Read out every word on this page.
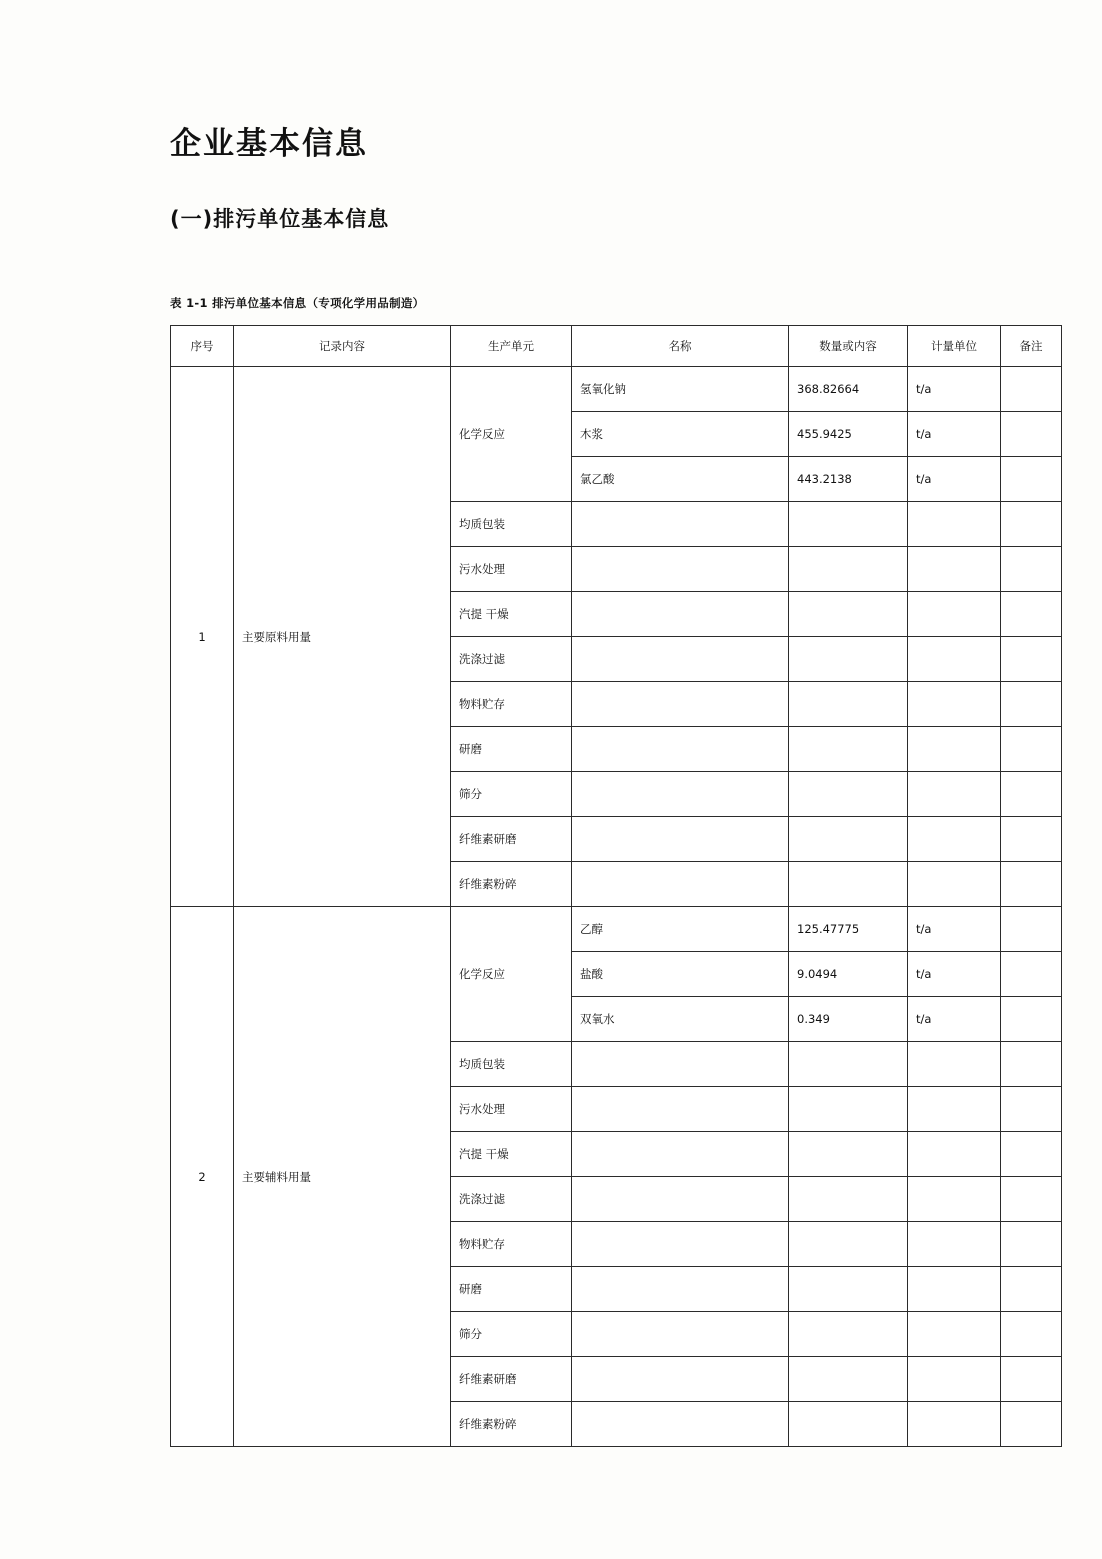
企业基本信息
(一)排污单位基本信息
表 1-1 排污单位基本信息（专项化学用品制造）
序号	记录内容	生产单元	名称	数量或内容	计量单位	备注
1	主要原料用量	化学反应	氢氧化钠	368.82664	t/a	
			木浆	455.9425	t/a	
			氯乙酸	443.2138	t/a	
		均质包装				
		污水处理				
		汽提 干燥				
		洗涤过滤				
		物料贮存				
		研磨				
		筛分				
		纤维素研磨				
		纤维素粉碎				
2	主要辅料用量	化学反应	乙醇	125.47775	t/a	
			盐酸	9.0494	t/a	
			双氧水	0.349	t/a	
		均质包装				
		污水处理				
		汽提 干燥				
		洗涤过滤				
		物料贮存				
		研磨				
		筛分				
		纤维素研磨				
		纤维素粉碎				
